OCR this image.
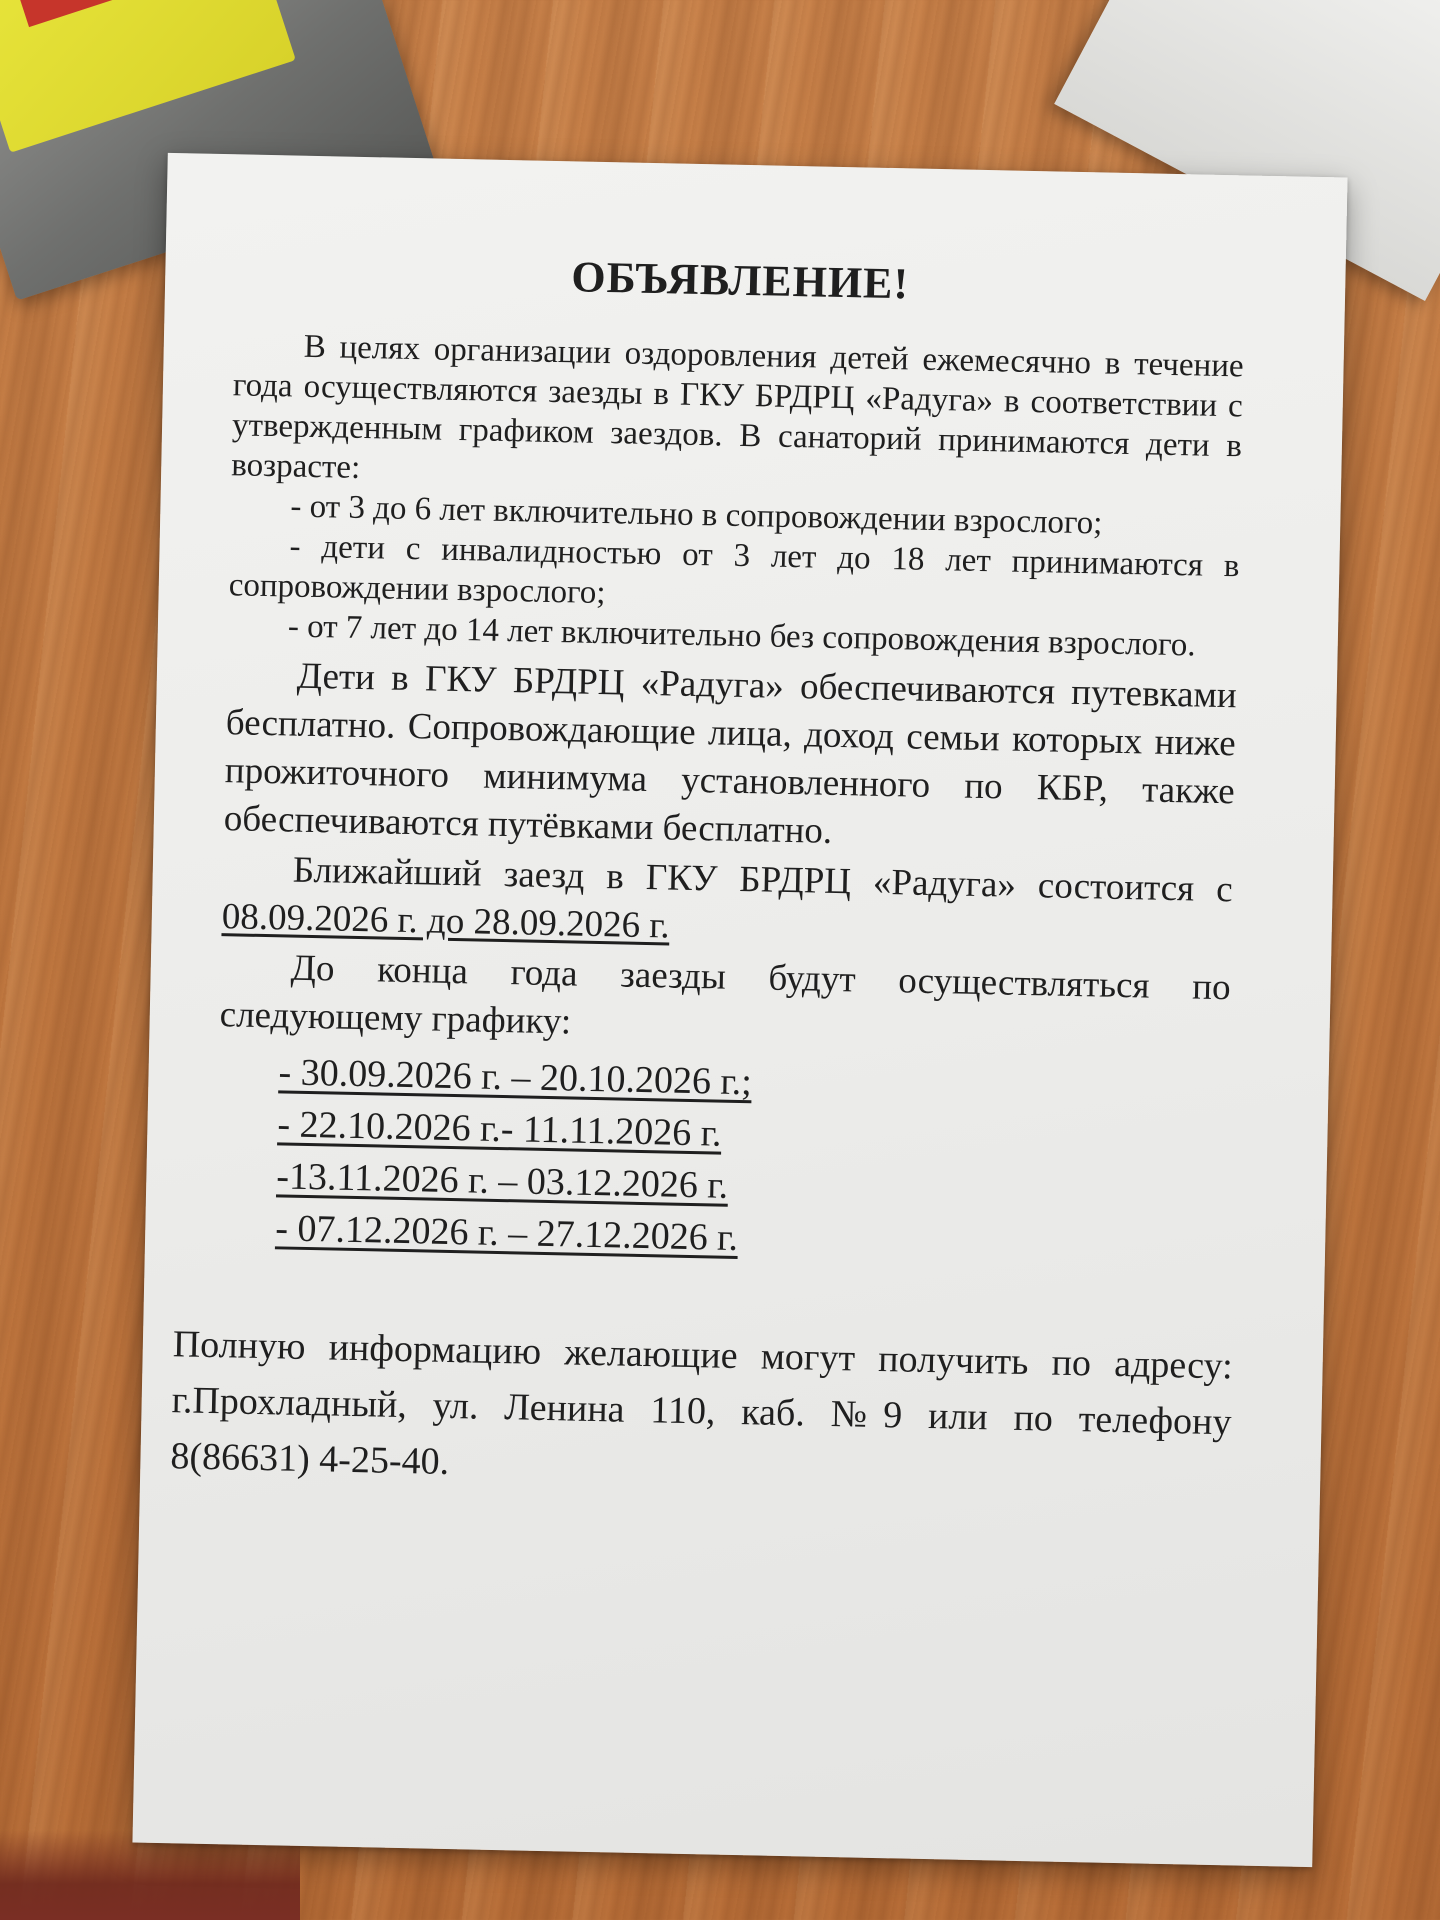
ОБЪЯВЛЕНИЕ!

В целях организации оздоровления детей ежемесячно в течение года осуществляются заезды в ГКУ БРДРЦ «Радуга» в соответствии с утвержденным графиком заездов. В санаторий принимаются дети в возрасте:

- от 3 до 6 лет включительно в сопровождении взрослого;

- дети с инвалидностью от 3 лет до 18 лет принимаются в сопровождении взрослого;

- от 7 лет до 14 лет включительно без сопровождения взрослого.

Дети в ГКУ БРДРЦ «Радуга» обеспечиваются путевками бесплатно. Сопровождающие лица, доход семьи которых ниже прожиточного минимума установленного по КБР, также обеспечиваются путёвками бесплатно.

Ближайший заезд в ГКУ БРДРЦ «Радуга» состоится с 08.09.2026 г. до 28.09.2026 г.

До конца года заезды будут осуществляться по следующему графику:

- 30.09.2026 г. – 20.10.2026 г.;
- 22.10.2026 г.- 11.11.2026 г.
-13.11.2026 г. – 03.12.2026 г.
- 07.12.2026 г. – 27.12.2026 г.

Полную информацию желающие могут получить по адресу: г.Прохладный, ул. Ленина 110, каб. №9 или по телефону 8(86631) 4-25-40.
